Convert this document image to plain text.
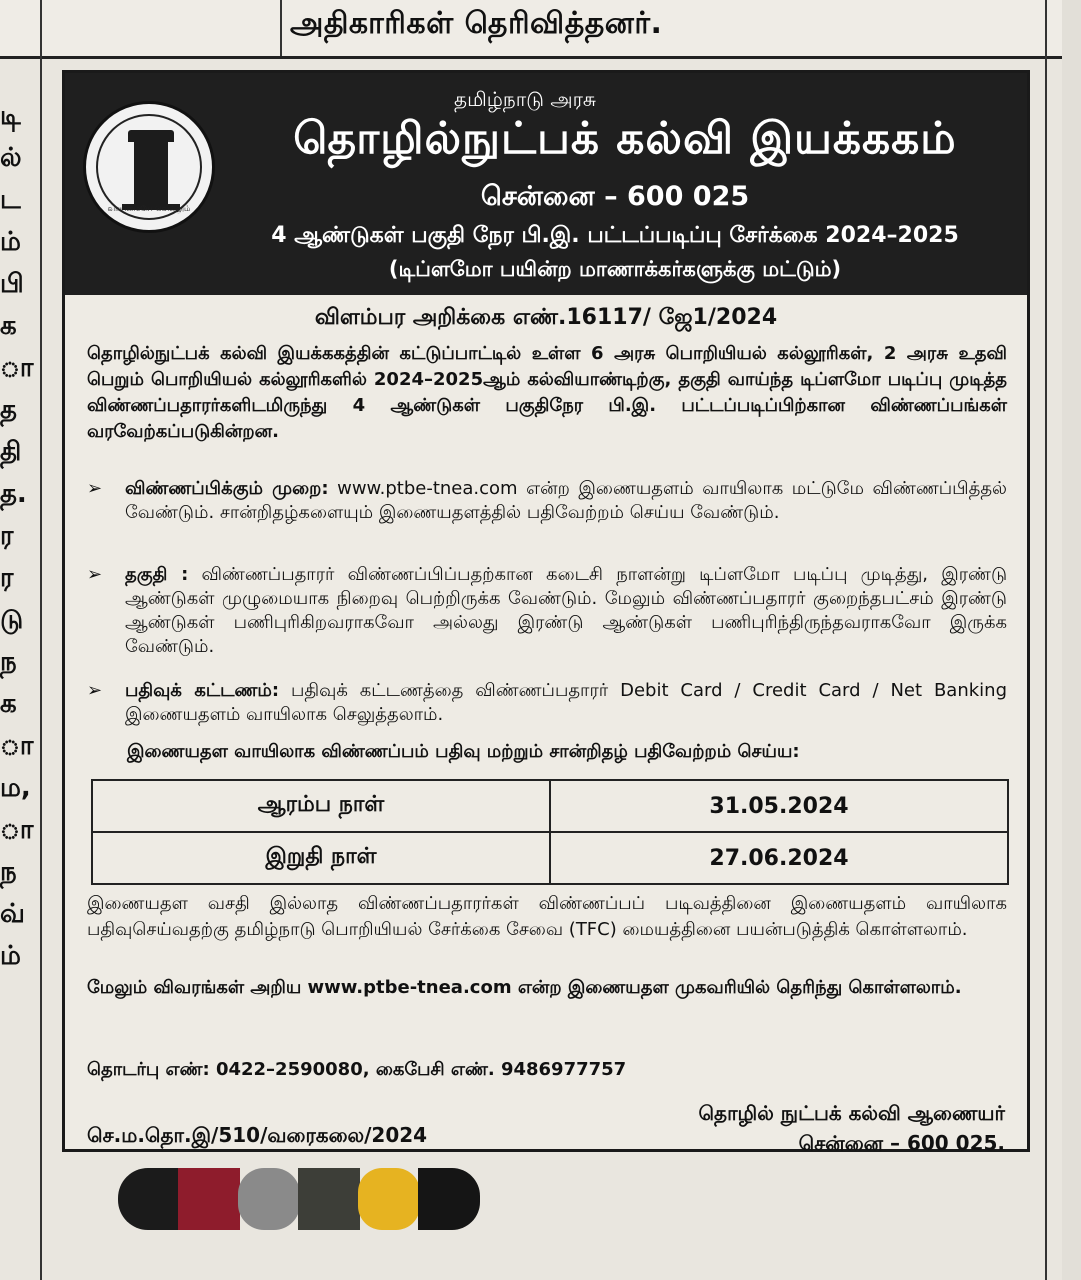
அதிகாரிகள் தெரிவித்தனர்.
டி
ல்
ட
ம்
பி
க
ா
த
தி
த.
ர
ர
டு
ந
க
ா
ம,
ா
ந
வ்
ம்
வாய்மையே வெல்லும்
தமிழ்நாடு அரசு
தொழில்நுட்பக் கல்வி இயக்ககம்
சென்னை – 600 025
4 ஆண்டுகள் பகுதி நேர பி.இ. பட்டப்படிப்பு சேர்க்கை 2024–2025
(டிப்ளமோ பயின்ற மாணாக்கர்களுக்கு மட்டும்)
விளம்பர அறிக்கை எண்.16117/ ஜே1/2024
தொழில்நுட்பக் கல்வி இயக்ககத்தின் கட்டுப்பாட்டில் உள்ள 6 அரசு பொறியியல் கல்லூரிகள், 2 அரசு உதவி பெறும் பொறியியல் கல்லூரிகளில் 2024–2025ஆம் கல்வியாண்டிற்கு, தகுதி வாய்ந்த டிப்ளமோ படிப்பு முடித்த விண்ணப்பதாரர்களிடமிருந்து 4 ஆண்டுகள் பகுதிநேர பி.இ. பட்டப்படிப்பிற்கான விண்ணப்பங்கள் வரவேற்கப்படுகின்றன.
➢ விண்ணப்பிக்கும் முறை: www.ptbe-tnea.com என்ற இணையதளம் வாயிலாக மட்டுமே விண்ணப்பித்தல் வேண்டும். சான்றிதழ்களையும் இணையதளத்தில் பதிவேற்றம் செய்ய வேண்டும்.
➢ தகுதி : விண்ணப்பதாரர் விண்ணப்பிப்பதற்கான கடைசி நாளன்று டிப்ளமோ படிப்பு முடித்து, இரண்டு ஆண்டுகள் முழுமையாக நிறைவு பெற்றிருக்க வேண்டும். மேலும் விண்ணப்பதாரர் குறைந்தபட்சம் இரண்டு ஆண்டுகள் பணிபுரிகிறவராகவோ அல்லது இரண்டு ஆண்டுகள் பணிபுரிந்திருந்தவராகவோ இருக்க வேண்டும்.
➢ பதிவுக் கட்டணம்: பதிவுக் கட்டணத்தை விண்ணப்பதாரர் Debit Card / Credit Card / Net Banking இணையதளம் வாயிலாக செலுத்தலாம்.
இணையதள வாயிலாக விண்ணப்பம் பதிவு மற்றும் சான்றிதழ் பதிவேற்றம் செய்ய:
ஆரம்ப நாள்	31.05.2024
இறுதி நாள்	27.06.2024
இணையதள வசதி இல்லாத விண்ணப்பதாரர்கள் விண்ணப்பப் படிவத்தினை இணையதளம் வாயிலாக பதிவுசெய்வதற்கு தமிழ்நாடு பொறியியல் சேர்க்கை சேவை (TFC) மையத்தினை பயன்படுத்திக் கொள்ளலாம்.
மேலும் விவரங்கள் அறிய www.ptbe-tnea.com என்ற இணையதள முகவரியில் தெரிந்து கொள்ளலாம்.
தொடர்பு எண்: 0422–2590080, கைபேசி எண். 9486977757
செ.ம.தொ.இ/510/வரைகலை/2024
தொழில் நுட்பக் கல்வி ஆணையர்
சென்னை – 600 025.
